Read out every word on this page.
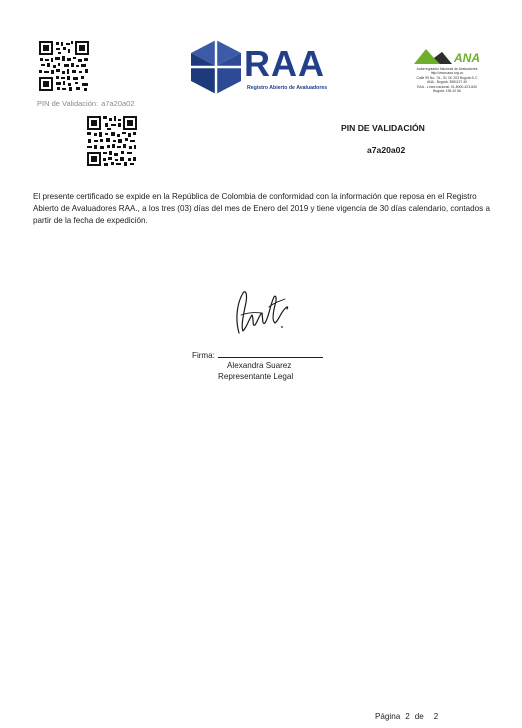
PIN de Validación: a7a20a02
RAA
Registro Abierto de Avaluadores
ANA
Autorregulador Nacional de Avaluadores
http://www.ana.org.co
Calle 99 No. 7A - 51 Of. 203 Bogotá D.C
ANA - Bogotá: 3581137 40
RAA - Línea nacional: 01-8000-423-840
Bogotá: 196 42 66
PIN DE VALIDACIÓN
a7a20a02

El presente certificado se expide en la República de Colombia de conformidad con la información que reposa en el Registro Abierto de Avaluadores RAA., a los tres (03) días del mes de Enero del 2019 y tiene vigencia de 30 días calendario, contados a partir de la fecha de expedición.

Firma:
Alexandra Suarez
Representante Legal
Página 2 de 2
